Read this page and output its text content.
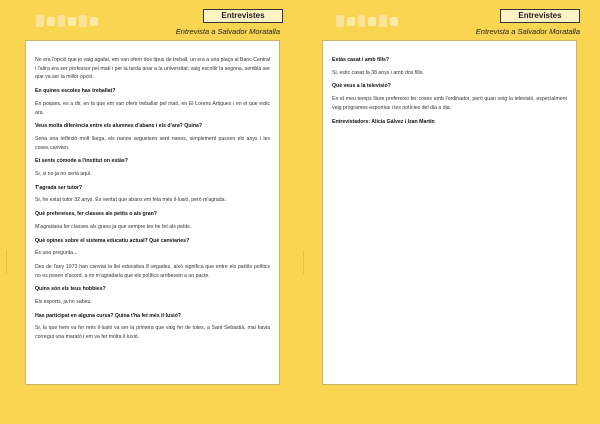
Entrevistes
Entrevista a Salvador Moratalla
Entrevistes
Entrevista a Salvador Moratalla

No era l'opció que jo vaig agafar, em van oferir dos tipus de treball, un era a una plaça al Banc Central i l'altra era ser professor pel matí i per la tarda anar a la universitat; vaig escollir la segona, semblà ser que va ser la millor opció.

En quines escoles has treballat?

En poques, es a dir, en la que em van oferir treballar pel matí, en El Lorens Artigues i en el que estic ara.

Veus molta diferència entre els alumnes d'abans i els d'ara? Quina?

Seria una reflexió molt llarga, els nanos segueixen sent nanos, simplement passen els anys i les coses canvien.

Et sents còmode a l'institut on estàs?

Si, si no ja no seria aquí.

T'agrada ser tutor?

Si, he estat tutor 32 anys. És veritat que abans em feia més il·lusió, però m'agrada.

Què prefereixes, fer classes als petits o als gran?

M'agradaria fer classes als grans ja que sempre les he fet als petits.

Què opines sobre el sistema educatiu actual? Què canviaries?

És una pregunta...

Des de l'any 1973 han canviat la llei educativa 8 vegades, això significa que entre els partits polítics no es posen d'acord, a mi m'agradaria que els polítics arribessin a un pacte.

Quins són els teus hobbies?

Els esports, ja ho sabeu.

Has participat en alguna cursa? Quina t'ha fet més il·lusió?

Si, la que hem va fer més il·lusió va ser la primera que vaig fer de totes, a Sant Sebastià, mai havia corregut una marató i em va fer molta il·lusió.

Estàs casat i amb fills?

Si, estic casat fa 38 anys i amb dos fills.

Què veus a la televisió?

En el meu temps lliure prefereixo fer coses amb l'ordinador, però quan veig la televisió, especialment veig programes esportius i les notícies del dia a dia.

Entrevistadors: Alicia Gálvez i Izan Martín
